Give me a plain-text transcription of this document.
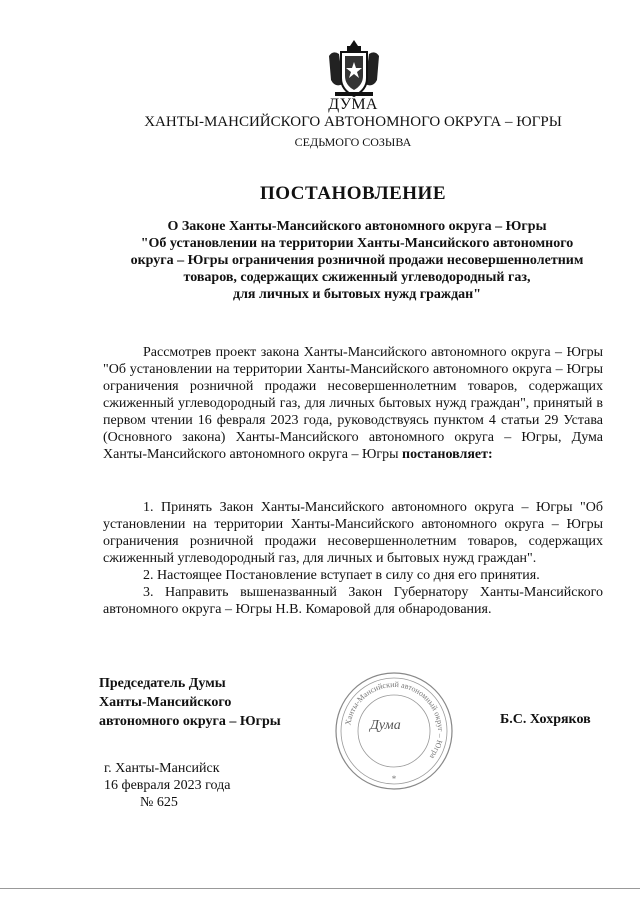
ДУМА
ХАНТЫ-МАНСИЙСКОГО АВТОНОМНОГО ОКРУГА – ЮГРЫ
СЕДЬМОГО СОЗЫВА
ПОСТАНОВЛЕНИЕ
О Законе Ханты-Мансийского автономного округа – Югры
"Об установлении на территории Ханты-Мансийского автономного
округа – Югры ограничения розничной продажи несовершеннолетним
товаров, содержащих сжиженный углеводородный газ,
для личных и бытовых нужд граждан"
Рассмотрев проект закона Ханты-Мансийского автономного округа – Югры "Об установлении на территории Ханты-Мансийского автономного округа – Югры ограничения розничной продажи несовершеннолетним товаров, содержащих сжиженный углеводородный газ, для личных бытовых нужд граждан", принятый в первом чтении 16 февраля 2023 года, руководствуясь пунктом 4 статьи 29 Устава (Основного закона) Ханты-Мансийского автономного округа – Югры, Дума Ханты-Мансийского автономного округа – Югры постановляет:
1. Принять Закон Ханты-Мансийского автономного округа – Югры "Об установлении на территории Ханты-Мансийского автономного округа – Югры ограничения розничной продажи несовершеннолетним товаров, содержащих сжиженный углеводородный газ, для личных и бытовых нужд граждан".
2. Настоящее Постановление вступает в силу со дня его принятия.
3. Направить вышеназванный Закон Губернатору Ханты-Мансийского автономного округа – Югры Н.В. Комаровой для обнародования.
Председатель Думы
Ханты-Мансийского
автономного округа – Югры	Ханты-Мансийский автономный округ – Югра
*
Дума	Б.С. Хохряков
г. Ханты-Мансийск
16 февраля 2023 года
№ 625
